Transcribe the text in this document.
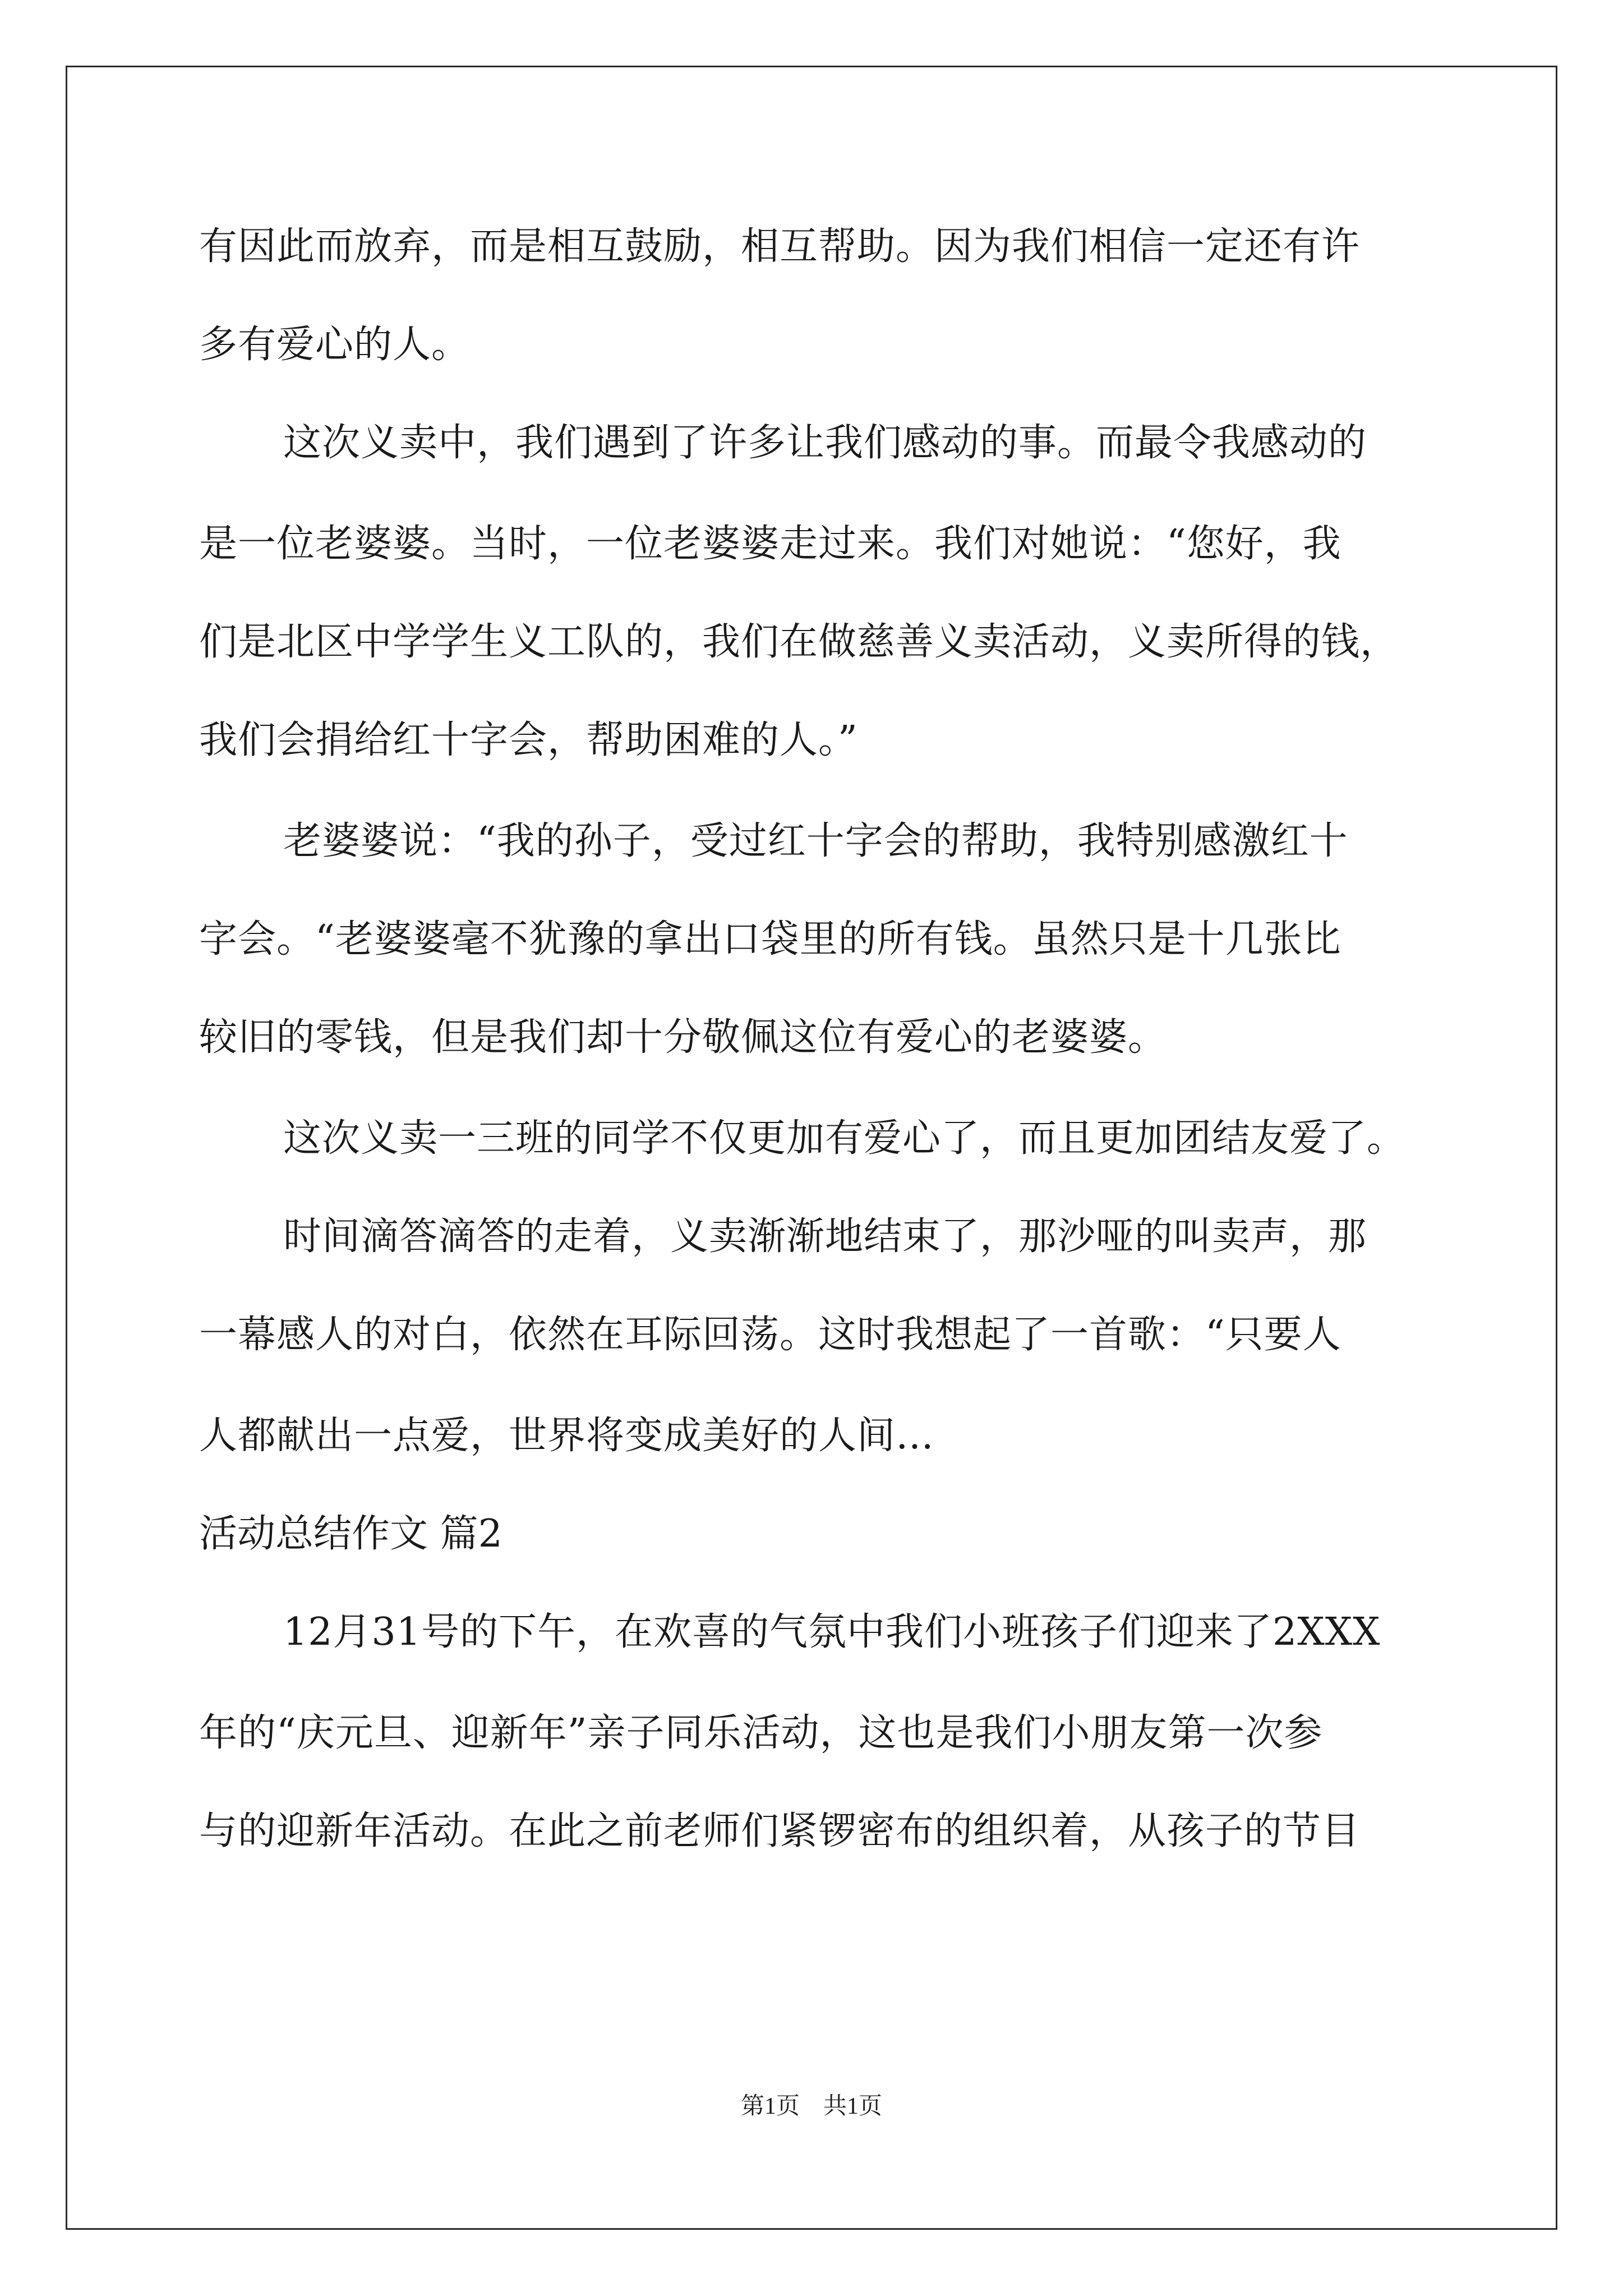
有因此而放弃，而是相互鼓励，相互帮助。因为我们相信一定还有许
多有爱心的人。
这次义卖中，我们遇到了许多让我们感动的事。而最令我感动的
是一位老婆婆。当时，一位老婆婆走过来。我们对她说：“您好，我
们是北区中学学生义工队的，我们在做慈善义卖活动，义卖所得的钱，
我们会捐给红十字会，帮助困难的人。”
老婆婆说：“我的孙子，受过红十字会的帮助，我特别感激红十
字会。“老婆婆毫不犹豫的拿出口袋里的所有钱。虽然只是十几张比
较旧的零钱，但是我们却十分敬佩这位有爱心的老婆婆。
这次义卖一三班的同学不仅更加有爱心了，而且更加团结友爱了。
时间滴答滴答的走着，义卖渐渐地结束了，那沙哑的叫卖声，那
一幕感人的对白，依然在耳际回荡。这时我想起了一首歌：“只要人
人都献出一点爱，世界将变成美好的人间…
活动总结作文 篇2
12月31号的下午，在欢喜的气氛中我们小班孩子们迎来了2XXX
年的“庆元旦、迎新年”亲子同乐活动，这也是我们小朋友第一次参
与的迎新年活动。在此之前老师们紧锣密布的组织着，从孩子的节目
第1页　共1页
